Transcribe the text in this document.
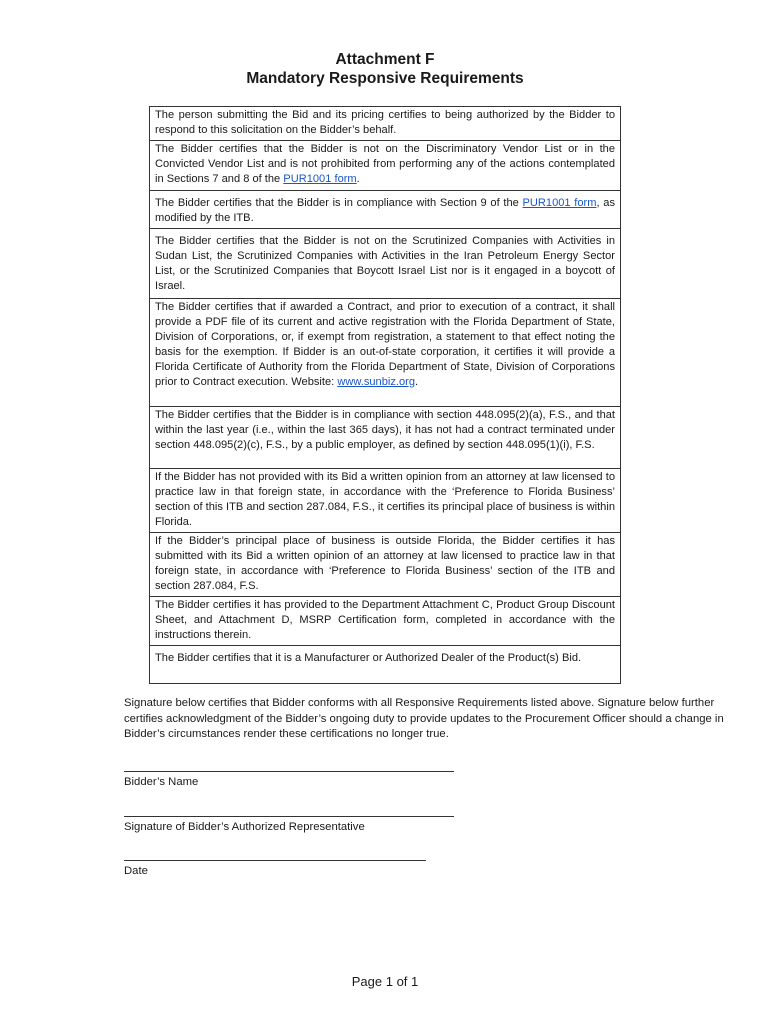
Attachment F
Mandatory Responsive Requirements
The person submitting the Bid and its pricing certifies to being authorized by the Bidder to respond to this solicitation on the Bidder’s behalf.
The Bidder certifies that the Bidder is not on the Discriminatory Vendor List or in the Convicted Vendor List and is not prohibited from performing any of the actions contemplated in Sections 7 and 8 of the PUR1001 form.
The Bidder certifies that the Bidder is in compliance with Section 9 of the PUR1001 form, as modified by the ITB.
The Bidder certifies that the Bidder is not on the Scrutinized Companies with Activities in Sudan List, the Scrutinized Companies with Activities in the Iran Petroleum Energy Sector List, or the Scrutinized Companies that Boycott Israel List nor is it engaged in a boycott of Israel.
The Bidder certifies that if awarded a Contract, and prior to execution of a contract, it shall provide a PDF file of its current and active registration with the Florida Department of State, Division of Corporations, or, if exempt from registration, a statement to that effect noting the basis for the exemption. If Bidder is an out-of-state corporation, it certifies it will provide a Florida Certificate of Authority from the Florida Department of State, Division of Corporations prior to Contract execution. Website: www.sunbiz.org.
The Bidder certifies that the Bidder is in compliance with section 448.095(2)(a), F.S., and that within the last year (i.e., within the last 365 days), it has not had a contract terminated under section 448.095(2)(c), F.S., by a public employer, as defined by section 448.095(1)(i), F.S.
If the Bidder has not provided with its Bid a written opinion from an attorney at law licensed to practice law in that foreign state, in accordance with the ‘Preference to Florida Business’ section of this ITB and section 287.084, F.S., it certifies its principal place of business is within Florida.
If the Bidder’s principal place of business is outside Florida, the Bidder certifies it has submitted with its Bid a written opinion of an attorney at law licensed to practice law in that foreign state, in accordance with ‘Preference to Florida Business’ section of the ITB and section 287.084, F.S.
The Bidder certifies it has provided to the Department Attachment C, Product Group Discount Sheet, and Attachment D, MSRP Certification form, completed in accordance with the instructions therein.
The Bidder certifies that it is a Manufacturer or Authorized Dealer of the Product(s) Bid.
Signature below certifies that Bidder conforms with all Responsive Requirements listed above. Signature below further certifies acknowledgment of the Bidder’s ongoing duty to provide updates to the Procurement Officer should a change in Bidder’s circumstances render these certifications no longer true.
Bidder’s Name
Signature of Bidder’s Authorized Representative
Date
Page 1 of 1
